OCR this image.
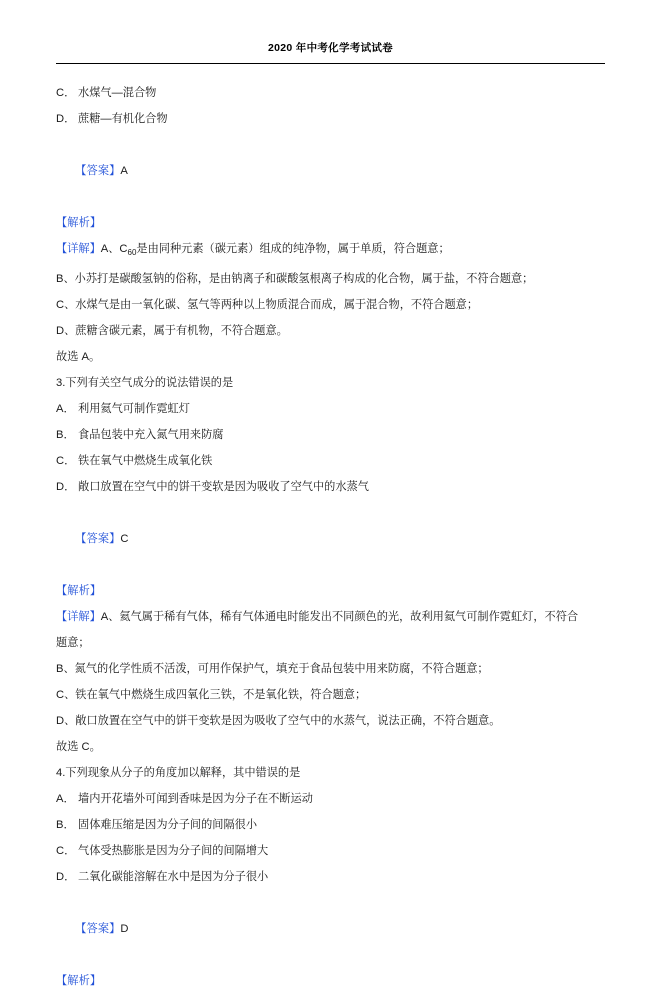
2020 年中考化学考试试卷
C． 水煤气—混合物
D． 蔗糖—有机化合物

【答案】A

【解析】
【详解】A、$C_{60}$是由同种元素（碳元素）组成的纯净物，属于单质，符合题意；
B、小苏打是碳酸氢钠的俗称，是由钠离子和碳酸氢根离子构成的化合物，属于盐，不符合题意；
C、水煤气是由一氧化碳、氢气等两种以上物质混合而成，属于混合物，不符合题意；
D、蔗糖含碳元素，属于有机物，不符合题意。
故选 A。
3.下列有关空气成分的说法错误的是
A． 利用氦气可制作霓虹灯
B． 食品包装中充入氮气用来防腐
C． 铁在氧气中燃烧生成氧化铁
D． 敞口放置在空气中的饼干变软是因为吸收了空气中的水蒸气

【答案】C

【解析】
【详解】A、氦气属于稀有气体，稀有气体通电时能发出不同颜色的光，故利用氦气可制作霓虹灯，不符合
题意；
B、氮气的化学性质不活泼，可用作保护气，填充于食品包装中用来防腐，不符合题意；
C、铁在氧气中燃烧生成四氧化三铁，不是氧化铁，符合题意；
D、敞口放置在空气中的饼干变软是因为吸收了空气中的水蒸气，说法正确，不符合题意。
故选 C。
4.下列现象从分子的角度加以解释，其中错误的是
A． 墙内开花墙外可闻到香味是因为分子在不断运动
B． 固体难压缩是因为分子间的间隔很小
C． 气体受热膨胀是因为分子间的间隔增大
D． 二氧化碳能溶解在水中是因为分子很小

【答案】D

【解析】
